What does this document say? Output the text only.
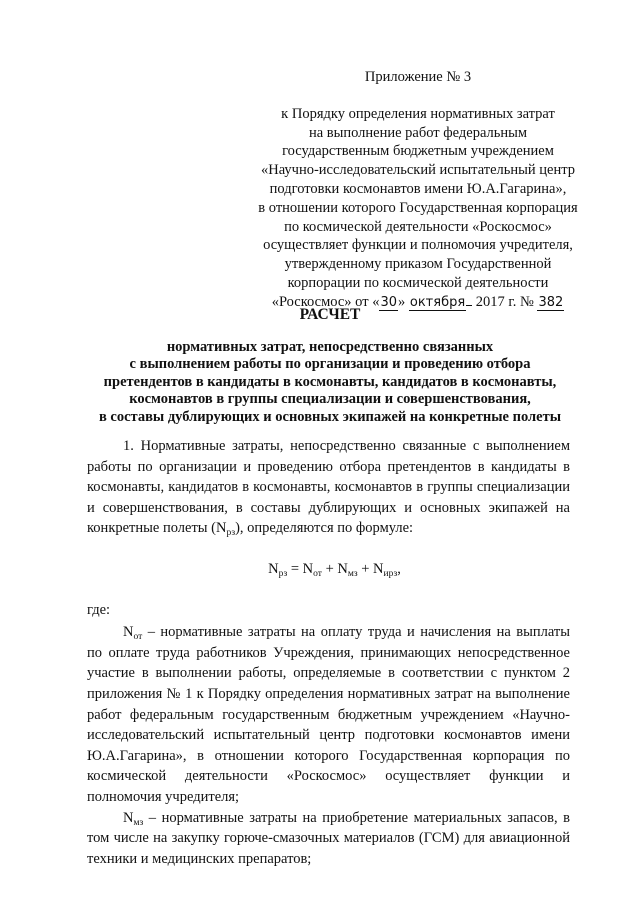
Приложение № 3
к Порядку определения нормативных затрат
на выполнение работ федеральным
государственным бюджетным учреждением
«Научно-исследовательский испытательный центр
подготовки космонавтов имени Ю.А.Гагарина»,
в отношении которого Государственная корпорация
по космической деятельности «Роскосмос»
осуществляет функции и полномочия учредителя,
утвержденному приказом Государственной
корпорации по космической деятельности
«Роскосмос» от «30» октября 2017 г. № 382
РАСЧЕТ
нормативных затрат, непосредственно связанных
с выполнением работы по организации и проведению отбора
претендентов в кандидаты в космонавты, кандидатов в космонавты,
космонавтов в группы специализации и совершенствования,
в составы дублирующих и основных экипажей на конкретные полеты

1. Нормативные затраты, непосредственно связанные с выполнением работы по организации и проведению отбора претендентов в кандидаты в космонавты, кандидатов в космонавты, космонавтов в группы специализации и совершенствования, в составы дублирующих и основных экипажей на конкретные полеты $(N_{рз})$, определяются по формуле:

$N_{рз} = N_{от} + N_{мз} + N_{ирз}$,

где:

$N_{от}$ – нормативные затраты на оплату труда и начисления на выплаты по оплате труда работников Учреждения, принимающих непосредственное участие в выполнении работы, определяемые в соответствии с пунктом 2 приложения № 1 к Порядку определения нормативных затрат на выполнение работ федеральным государственным бюджетным учреждением «Научно-исследовательский испытательный центр подготовки космонавтов имени Ю.А.Гагарина», в отношении которого Государственная корпорация по космической деятельности «Роскосмос» осуществляет функции и полномочия учредителя;

$N_{мз}$ – нормативные затраты на приобретение материальных запасов, в том числе на закупку горюче-смазочных материалов (ГСМ) для авиационной техники и медицинских препаратов;
